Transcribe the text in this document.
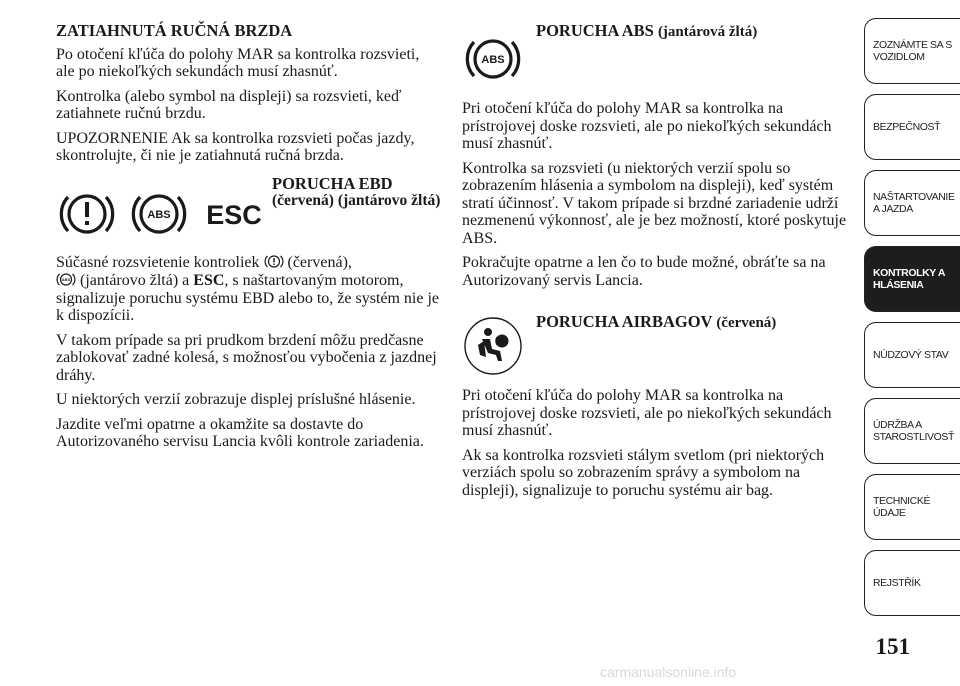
ZATIAHNUTÁ RUČNÁ BRZDA

Po otočení kľúča do polohy MAR sa kontrolka rozsvieti, ale po niekoľkých sekundách musí zhasnúť.

Kontrolka (alebo symbol na displeji) sa rozsvieti, keď zatiahnete ručnú brzdu.

UPOZORNENIE Ak sa kontrolka rozsvieti počas jazdy, skontrolujte, či nie je zatiahnutá ručná brzda.

ABS ESC
PORUCHA EBD
(červená) (jantárovo žltá)

Súčasné rozsvietenie kontroliek (červená),

ABS (jantárovo žltá) a ESC, s naštartovaným motorom, signalizuje poruchu systému EBD alebo to, že systém nie je k dispozícii.

V takom prípade sa pri prudkom brzdení môžu predčasne zablokovať zadné kolesá, s možnosťou vybočenia z jazdnej dráhy.

U niektorých verzií zobrazuje displej príslušné hlásenie.

Jazdite veľmi opatrne a okamžite sa dostavte do Autorizovaného servisu Lancia kvôli kontrole zariadenia.

ABS
PORUCHA ABS (jantárová žltá)

Pri otočení kľúča do polohy MAR sa kontrolka na prístrojovej doske rozsvieti, ale po niekoľkých sekundách musí zhasnúť.

Kontrolka sa rozsvieti (u niektorých verzií spolu so zobrazením hlásenia a symbolom na displeji), keď systém stratí účinnosť. V takom prípade si brzdné zariadenie udrží nezmenenú výkonnosť, ale je bez možností, ktoré poskytuje ABS.

Pokračujte opatrne a len čo to bude možné, obráťte sa na Autorizovaný servis Lancia.

PORUCHA AIRBAGOV (červená)

Pri otočení kľúča do polohy MAR sa kontrolka na prístrojovej doske rozsvieti, ale po niekoľkých sekundách musí zhasnúť.

Ak sa kontrolka rozsvieti stálym svetlom (pri niektorých verziách spolu so zobrazením správy a symbolom na displeji), signalizuje to poruchu systému air bag.

ZOZNÁMTE SA S
VOZIDLOM
BEZPEČNOSŤ
NAŠTARTOVANIE
A JAZDA
KONTROLKY A
HLÁSENIA
NÚDZOVÝ STAV
ÚDRŽBA A
STAROSTLIVOSŤ
TECHNICKÉ
ÚDAJE
REJSTŘÍK
151
carmanualsonline.info
